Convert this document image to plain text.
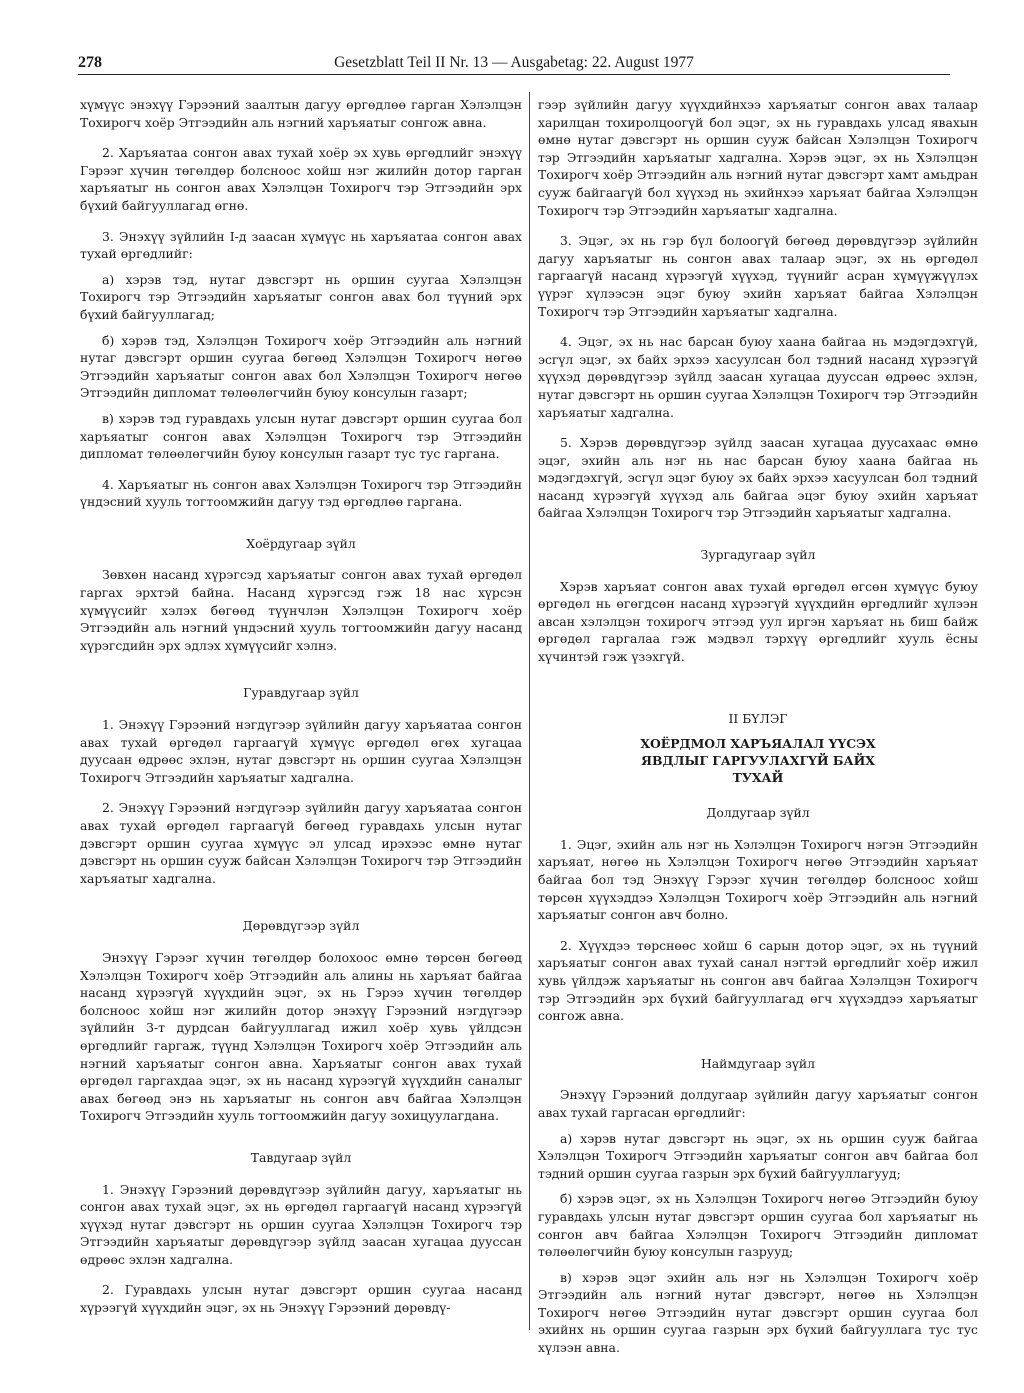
278	Gesetzblatt Teil II Nr. 13 — Ausgabetag: 22. August 1977

хүмүүс энэхүү Гэрээний заалтын дагуу өргөдлөө гарган Хэлэлцэн Тохирогч хоёр Этгээдийн аль нэгний харъяатыг сонгож авна.

2. Харъяатаа сонгон авах тухай хоёр эх хувь өргөдлийг энэхүү Гэрээг хүчин төгөлдөр болсноос хойш нэг жилийн дотор гарган харъяатыг нь сонгон авах Хэлэлцэн Тохирогч тэр Этгээдийн эрх бүхий байгууллагад өгнө.

3. Энэхүү зүйлийн I-д заасан хүмүүс нь харъяатаа сонгон авах тухай өргөдлийг:

а) хэрэв тэд, нутаг дэвсгэрт нь оршин суугаа Хэлэлцэн Тохирогч тэр Этгээдийн харъяатыг сонгон авах бол түүний эрх бүхий байгууллагад;

б) хэрэв тэд, Хэлэлцэн Тохирогч хоёр Этгээдийн аль нэгний нутаг дэвсгэрт оршин суугаа бөгөөд Хэлэлцэн Тохирогч нөгөө Этгээдийн харъяатыг сонгон авах бол Хэлэлцэн Тохирогч нөгөө Этгээдийн дипломат төлөөлөгчийн буюу консулын газарт;

в) хэрэв тэд гуравдахь улсын нутаг дэвсгэрт оршин суугаа бол харъяатыг сонгон авах Хэлэлцэн Тохирогч тэр Этгээдийн дипломат төлөөлөгчийн буюу консулын газарт тус тус гаргана.

4. Харъяатыг нь сонгон авах Хэлэлцэн Тохирогч тэр Этгээдийн үндэсний хууль тогтоомжийн дагуу тэд өргөдлөө гаргана.

Хоёрдугаар зүйл

Зөвхөн насанд хүрэгсэд харъяатыг сонгон авах тухай өргөдөл гаргах эрхтэй байна. Насанд хүрэгсэд гэж 18 нас хүрсэн хүмүүсийг хэлэх бөгөөд түүнчлэн Хэлэлцэн Тохирогч хоёр Этгээдийн аль нэгний үндэсний хууль тогтоомжийн дагуу насанд хүрэгсдийн эрх эдлэх хүмүүсийг хэлнэ.

Гуравдугаар зүйл

1. Энэхүү Гэрээний нэгдүгээр зүйлийн дагуу харъяатаа сонгон авах тухай өргөдөл гаргаагүй хүмүүс өргөдөл өгөх хугацаа дуусаан өдрөөс эхлэн, нутаг дэвсгэрт нь оршин суугаа Хэлэлцэн Тохирогч Этгээдийн харъяатыг хадгална.

2. Энэхүү Гэрээний нэгдүгээр зүйлийн дагуу харъяатаа сонгон авах тухай өргөдөл гаргаагүй бөгөөд гуравдахь улсын нутаг дэвсгэрт оршин суугаа хүмүүс эл улсад ирэхээс өмнө нутаг дэвсгэрт нь оршин сууж байсан Хэлэлцэн Тохирогч тэр Этгээдийн харъяатыг хадгална.

Дөрөвдүгээр зүйл

Энэхүү Гэрээг хүчин төгөлдөр болохоос өмнө төрсөн бөгөөд Хэлэлцэн Тохирогч хоёр Этгээдийн аль алины нь харъяат байгаа насанд хүрээгүй хүүхдийн эцэг, эх нь Гэрээ хүчин төгөлдөр болсноос хойш нэг жилийн дотор энэхүү Гэрээний нэгдүгээр зүйлийн 3-т дурдсан байгууллагад ижил хоёр хувь үйлдсэн өргөдлийг гаргаж, түүнд Хэлэлцэн Тохирогч хоёр Этгээдийн аль нэгний харъяатыг сонгон авна. Харъяатыг сонгон авах тухай өргөдөл гаргахдаа эцэг, эх нь насанд хүрээгүй хүүхдийн саналыг авах бөгөөд энэ нь харъяатыг нь сонгон авч байгаа Хэлэлцэн Тохирогч Этгээдийн хууль тогтоомжийн дагуу зохицуулагдана.

Тавдугаар зүйл

1. Энэхүү Гэрээний дөрөвдүгээр зүйлийн дагуу, харъяатыг нь сонгон авах тухай эцэг, эх нь өргөдөл гаргаагүй насанд хүрээгүй хүүхэд нутаг дэвсгэрт нь оршин суугаа Хэлэлцэн Тохирогч тэр Этгээдийн харъяатыг дөрөвдүгээр зүйлд заасан хугацаа дууссан өдрөөс эхлэн хадгална.

2. Гуравдахь улсын нутаг дэвсгэрт оршин суугаа насанд хүрээгүй хүүхдийн эцэг, эх нь Энэхүү Гэрээний дөрөвдү-

гээр зүйлийн дагуу хүүхдийнхээ харъяатыг сонгон авах талаар харилцан тохиролцоогүй бол эцэг, эх нь гуравдахь улсад явахын өмнө нутаг дэвсгэрт нь оршин сууж байсан Хэлэлцэн Тохирогч тэр Этгээдийн харъяатыг хадгална. Хэрэв эцэг, эх нь Хэлэлцэн Тохирогч хоёр Этгээдийн аль нэгний нутаг дэвсгэрт хамт амьдран сууж байгаагүй бол хүүхэд нь эхийнхээ харъяат байгаа Хэлэлцэн Тохирогч тэр Этгээдийн харъяатыг хадгална.

3. Эцэг, эх нь гэр бүл болоогүй бөгөөд дөрөвдүгээр зүйлийн дагуу харъяатыг нь сонгон авах талаар эцэг, эх нь өргөдөл гаргаагүй насанд хүрээгүй хүүхэд, түүнийг асран хүмүүжүүлэх үүрэг хүлээсэн эцэг буюу эхийн харъяат байгаа Хэлэлцэн Тохирогч тэр Этгээдийн харъяатыг хадгална.

4. Эцэг, эх нь нас барсан буюу хаана байгаа нь мэдэгдэхгүй, эсгүл эцэг, эх байх эрхээ хасуулсан бол тэдний насанд хүрээгүй хүүхэд дөрөвдүгээр зүйлд заасан хугацаа дууссан өдрөөс эхлэн, нутаг дэвсгэрт нь оршин суугаа Хэлэлцэн Тохирогч тэр Этгээдийн харъяатыг хадгална.

5. Хэрэв дөрөвдүгээр зүйлд заасан хугацаа дуусахаас өмнө эцэг, эхийн аль нэг нь нас барсан буюу хаана байгаа нь мэдэгдэхгүй, эсгүл эцэг буюу эх байх эрхээ хасуулсан бол тэдний насанд хүрээгүй хүүхэд аль байгаа эцэг буюу эхийн харъяат байгаа Хэлэлцэн Тохирогч тэр Этгээдийн харъяатыг хадгална.

Зургадугаар зүйл

Хэрэв харъяат сонгон авах тухай өргөдөл өгсөн хүмүүс буюу өргөдөл нь өгөгдсөн насанд хүрээгүй хүүхдийн өргөдлийг хүлээн авсан хэлэлцэн тохирогч этгээд уул иргэн харъяат нь биш байж өргөдөл гаргалаа гэж мэдвэл тэрхүү өргөдлийг хууль ёсны хүчинтэй гэж үзэхгүй.

II БҮЛЭГ
ХОЁРДМОЛ ХАРЪЯАЛАЛ ҮҮСЭХ
ЯВДЛЫГ ГАРГУУЛАХГҮЙ БАЙХ
ТУХАЙ
Долдугаар зүйл

1. Эцэг, эхийн аль нэг нь Хэлэлцэн Тохирогч нэгэн Этгээдийн харъяат, нөгөө нь Хэлэлцэн Тохирогч нөгөө Этгээдийн харъяат байгаа бол тэд Энэхүү Гэрээг хүчин төгөлдөр болсноос хойш төрсөн хүүхэддээ Хэлэлцэн Тохирогч хоёр Этгээдийн аль нэгний харъяатыг сонгон авч болно.

2. Хүүхдээ төрснөөс хойш 6 сарын дотор эцэг, эх нь түүний харъяатыг сонгон авах тухай санал нэгтэй өргөдлийг хоёр ижил хувь үйлдэж харъяатыг нь сонгон авч байгаа Хэлэлцэн Тохирогч тэр Этгээдийн эрх бүхий байгууллагад өгч хүүхэддээ харъяатыг сонгож авна.

Наймдугаар зүйл

Энэхүү Гэрээний долдугаар зүйлийн дагуу харъяатыг сонгон авах тухай гаргасан өргөдлийг:

а) хэрэв нутаг дэвсгэрт нь эцэг, эх нь оршин сууж байгаа Хэлэлцэн Тохирогч Этгээдийн харъяатыг сонгон авч байгаа бол тэдний оршин суугаа газрын эрх бүхий байгууллагууд;

б) хэрэв эцэг, эх нь Хэлэлцэн Тохирогч нөгөө Этгээдийн буюу гуравдахь улсын нутаг дэвсгэрт оршин суугаа бол харъяатыг нь сонгон авч байгаа Хэлэлцэн Тохирогч Этгээдийн дипломат төлөөлөгчийн буюу консулын газрууд;

в) хэрэв эцэг эхийн аль нэг нь Хэлэлцэн Тохирогч хоёр Этгээдийн аль нэгний нутаг дэвсгэрт, нөгөө нь Хэлэлцэн Тохирогч нөгөө Этгээдийн нутаг дэвсгэрт оршин суугаа бол эхийнх нь оршин суугаа газрын эрх бүхий байгууллага тус тус хүлээн авна.
